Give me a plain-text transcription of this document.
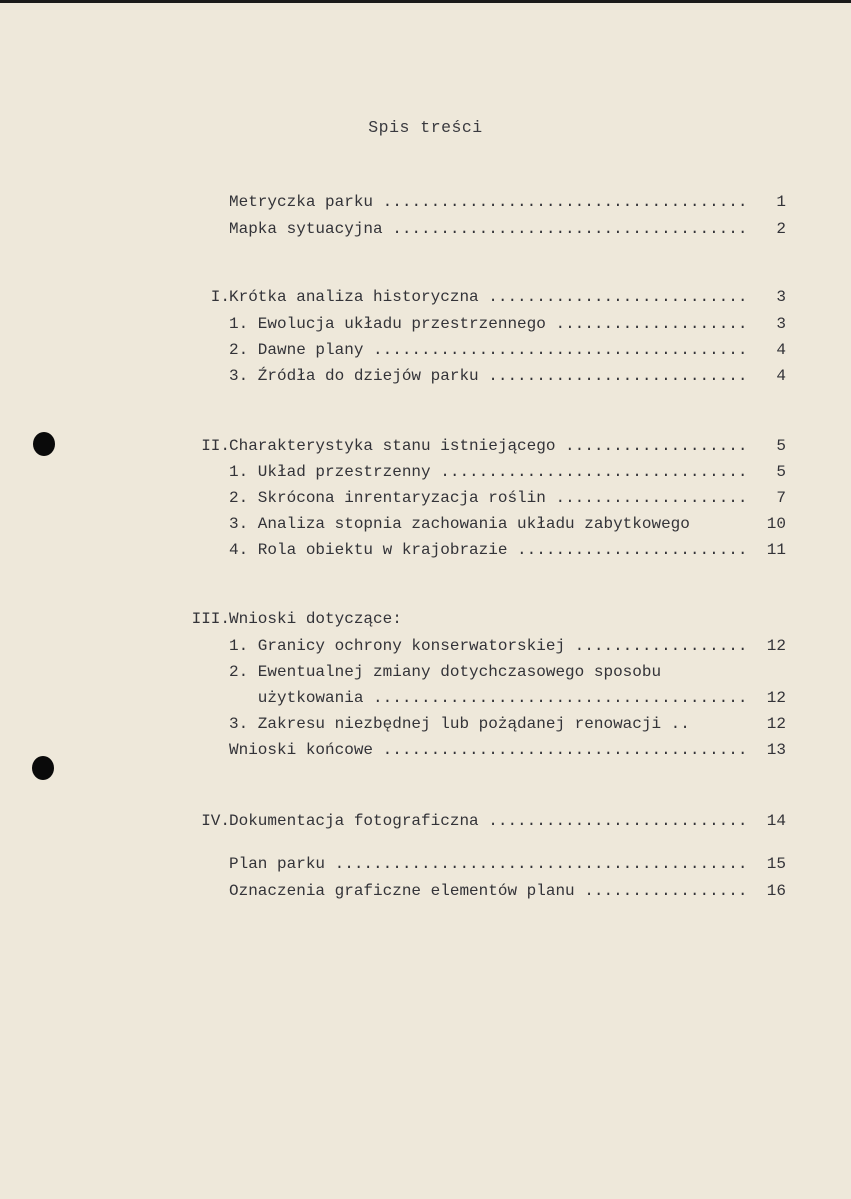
Spis treści
Metryczka parku .....	1
Mapka sytuacyjna .....	2
I. Krótka analiza historyczna .....	3
1. Ewolucja układu przestrzennego .....	3
2. Dawne plany .....	4
3. Źródła do dziejów parku .....	4
II. Charakterystyka stanu istniejącego .....	5
1. Układ przestrzenny .....	5
2. Skrócona inrentaryzacja roślin .....	7
3. Analiza stopnia zachowania układu zabytkowego	10
4. Rola obiektu w krajobrazie .....	11
III. Wnioski dotyczące:
1. Granicy ochrony konserwatorskiej .....	12
2. Ewentualnej zmiany dotychczasowego sposobu
użytkowania .....	12
3. Zakresu niezbędnej lub pożądanej renowacji ..	12
Wnioski końcowe .....	13
IV. Dokumentacja fotograficzna .....	14
Plan parku .....	15
Oznaczenia graficzne elementów planu .....	16
